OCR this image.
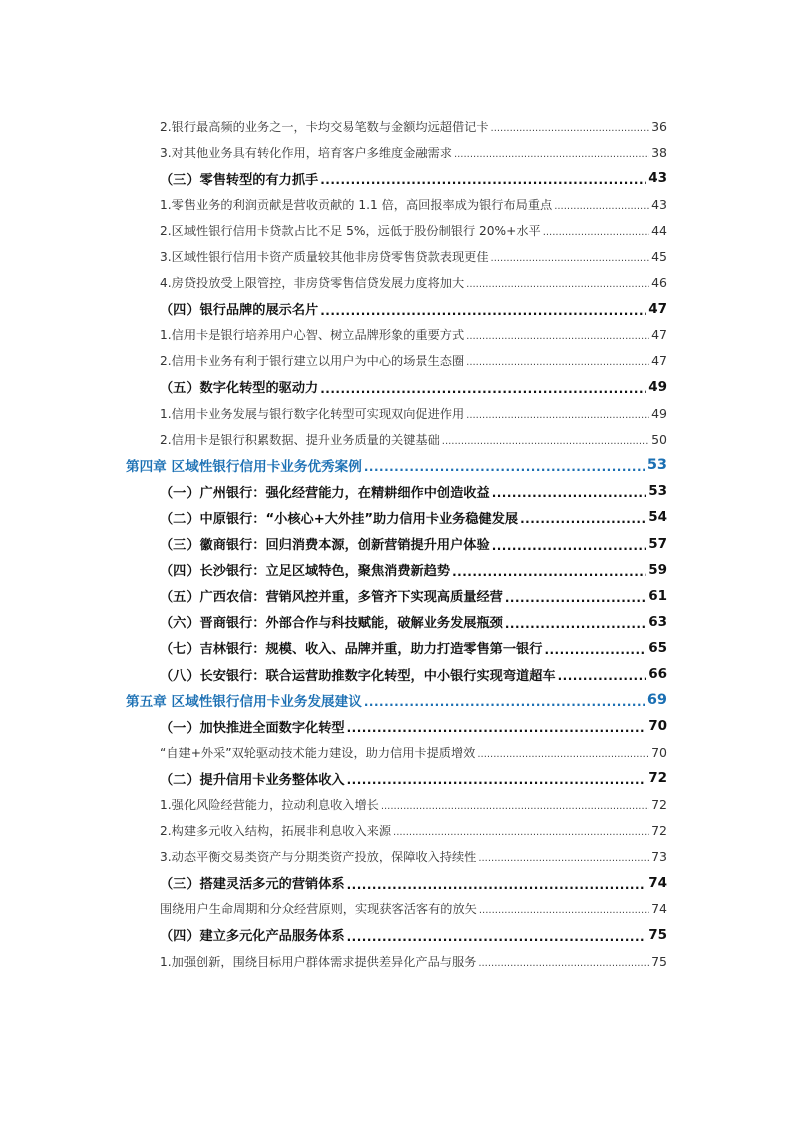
2.银行最高频的业务之一，卡均交易笔数与金额均远超借记卡 .....	36
3.对其他业务具有转化作用，培育客户多维度金融需求 .....	38
（三）零售转型的有力抓手 .....	43
1.零售业务的利润贡献是营收贡献的 1.1 倍，高回报率成为银行布局重点 .....	43
2.区域性银行信用卡贷款占比不足 5%，远低于股份制银行 20%+水平 .....	44
3.区域性银行信用卡资产质量较其他非房贷零售贷款表现更佳 .....	45
4.房贷投放受上限管控，非房贷零售信贷发展力度将加大 .....	46
（四）银行品牌的展示名片 .....	47
1.信用卡是银行培养用户心智、树立品牌形象的重要方式 .....	47
2.信用卡业务有利于银行建立以用户为中心的场景生态圈 .....	47
（五）数字化转型的驱动力 .....	49
1.信用卡业务发展与银行数字化转型可实现双向促进作用 .....	49
2.信用卡是银行积累数据、提升业务质量的关键基础 .....	50
第四章 区域性银行信用卡业务优秀案例 .....	53
（一）广州银行：强化经营能力，在精耕细作中创造收益 .....	53
（二）中原银行：“小核心+大外挂”助力信用卡业务稳健发展 .....	54
（三）徽商银行：回归消费本源，创新营销提升用户体验 .....	57
（四）长沙银行：立足区域特色，聚焦消费新趋势 .....	59
（五）广西农信：营销风控并重，多管齐下实现高质量经营 .....	61
（六）晋商银行：外部合作与科技赋能，破解业务发展瓶颈 .....	63
（七）吉林银行：规模、收入、品牌并重，助力打造零售第一银行 .....	65
（八）长安银行：联合运营助推数字化转型，中小银行实现弯道超车 .....	66
第五章 区域性银行信用卡业务发展建议 .....	69
（一）加快推进全面数字化转型 .....	70
“自建+外采”双轮驱动技术能力建设，助力信用卡提质增效 .....	70
（二）提升信用卡业务整体收入 .....	72
1.强化风险经营能力，拉动利息收入增长 .....	72
2.构建多元收入结构，拓展非利息收入来源 .....	72
3.动态平衡交易类资产与分期类资产投放，保障收入持续性 .....	73
（三）搭建灵活多元的营销体系 .....	74
围绕用户生命周期和分众经营原则，实现获客活客有的放矢 .....	74
（四）建立多元化产品服务体系 .....	75
1.加强创新，围绕目标用户群体需求提供差异化产品与服务 .....	75
